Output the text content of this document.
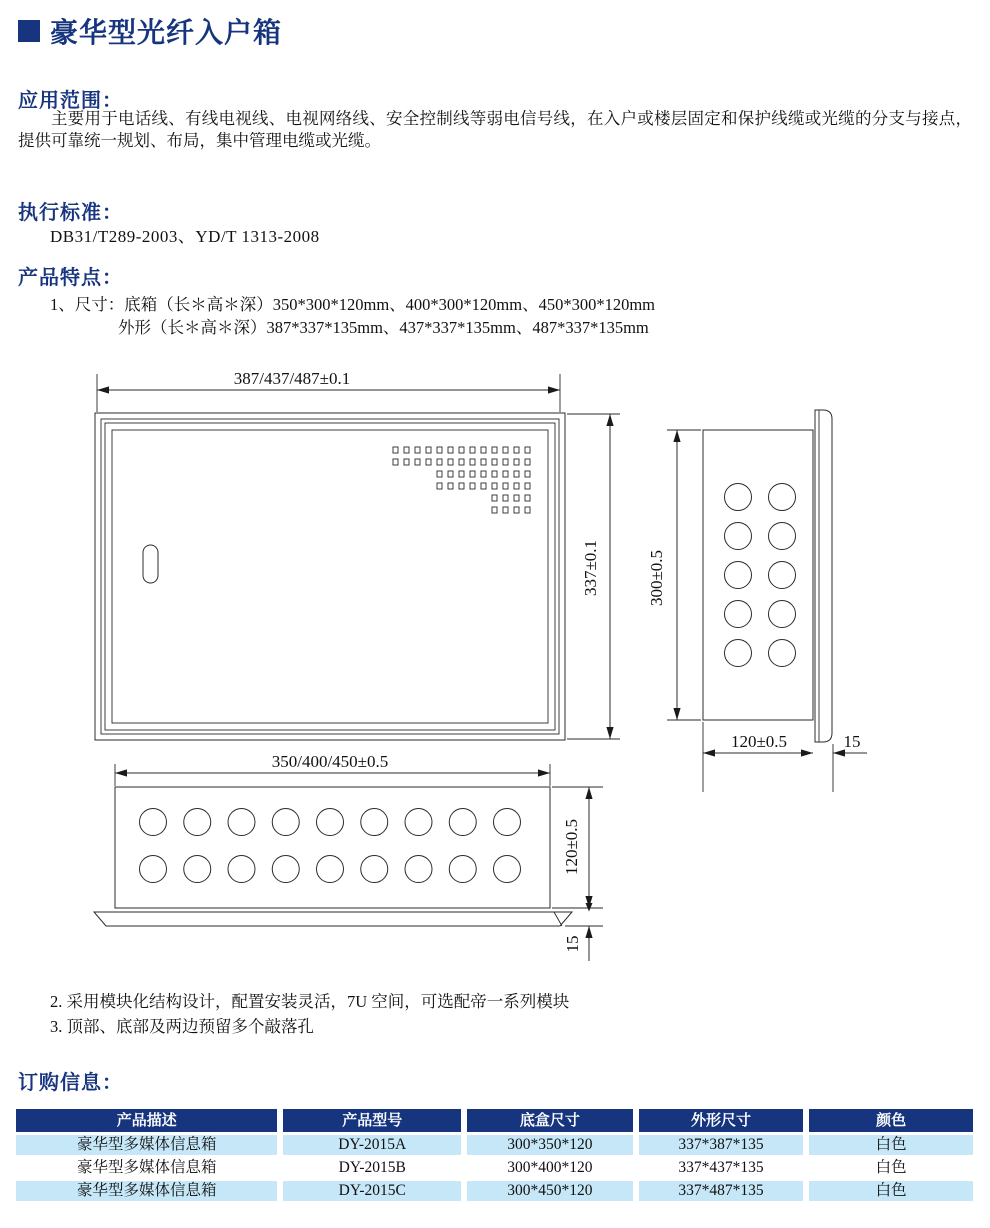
豪华型光纤入户箱
应用范围：
主要用于电话线、有线电视线、电视网络线、安全控制线等弱电信号线，在入户或楼层固定和保护线缆或光缆的分支与接点，提供可靠统一规划、布局，集中管理电缆或光缆。
执行标准：
DB31/T289-2003、YD/T 1313-2008
产品特点：
1、尺寸：底箱（长＊高＊深）350*300*120mm、400*300*120mm、450*300*120mm
外形（长＊高＊深）387*337*135mm、437*337*135mm、487*337*135mm
387/437/487±0.1
337±0.1	300±0.5
120±0.5	15
350/400/450±0.5
120±0.5
15
2. 采用模块化结构设计，配置安装灵活，7U 空间，可选配帝一系列模块
3. 顶部、底部及两边预留多个敲落孔
订购信息：
产品描述	产品型号	底盒尺寸	外形尺寸	颜色
豪华型多媒体信息箱	DY-2015A	300*350*120	337*387*135	白色
豪华型多媒体信息箱	DY-2015B	300*400*120	337*437*135	白色
豪华型多媒体信息箱	DY-2015C	300*450*120	337*487*135	白色
